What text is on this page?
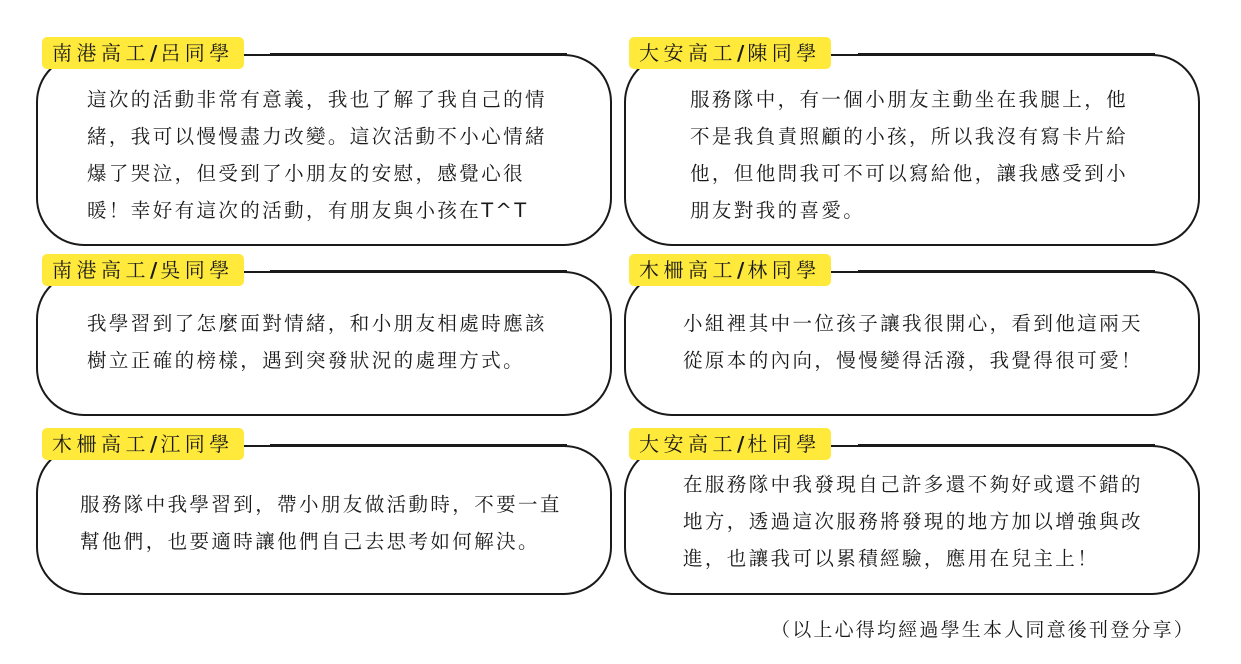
南港高工/呂同學
這次的活動非常有意義，我也了解了我自己的情
緒，我可以慢慢盡力改變。這次活動不小心情緒
爆了哭泣，但受到了小朋友的安慰，感覺心很
暖！幸好有這次的活動，有朋友與小孩在T^T
大安高工/陳同學
服務隊中，有一個小朋友主動坐在我腿上，他
不是我負責照顧的小孩，所以我沒有寫卡片給
他，但他問我可不可以寫給他，讓我感受到小
朋友對我的喜愛。
南港高工/吳同學
我學習到了怎麼面對情緒，和小朋友相處時應該
樹立正確的榜樣，遇到突發狀況的處理方式。
木柵高工/林同學
小組裡其中一位孩子讓我很開心，看到他這兩天
從原本的內向，慢慢變得活潑，我覺得很可愛！
木柵高工/江同學
服務隊中我學習到，帶小朋友做活動時，不要一直
幫他們，也要適時讓他們自己去思考如何解決。
大安高工/杜同學
在服務隊中我發現自己許多還不夠好或還不錯的
地方，透過這次服務將發現的地方加以增強與改
進，也讓我可以累積經驗，應用在兒主上！
（以上心得均經過學生本人同意後刊登分享）
